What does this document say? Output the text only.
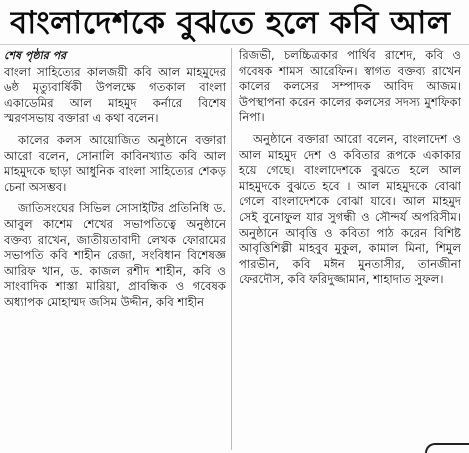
বাংলাদেশকে বুঝতে হলে কবি আল
শেষ পৃষ্ঠার পর

বাংলা সাহিত্যের কালজয়ী কবি আল মাহমুদের ৬ষ্ঠ মৃত্যুবার্ষিকী উপলক্ষে গতকাল বাংলা একাডেমির আল মাহমুদ কর্নারে বিশেষ স্মরণসভায় বক্তারা এ কথা বলেন।

কালের কলস আয়োজিত অনুষ্ঠানে বক্তারা আরো বলেন, সোনালি কাবিনখ্যাত কবি আল মাহমুদকে ছাড়া আধুনিক বাংলা সাহিত্যের শেকড় চেনা অসম্ভব।

জাতিসংঘের সিভিল সোসাইটির প্রতিনিধি ড. আবুল কাশেম শেখের সভাপতিত্বে অনুষ্ঠানে বক্তব্য রাখেন, জাতীয়তাবাদী লেখক ফোরামের সভাপতি কবি শাহীন রেজা, সংবিধান বিশেষজ্ঞ আরিফ খান, ড. কাজল রশীদ শাহীন, কবি ও সাংবাদিক শাস্তা মারিয়া, প্রাবন্ধিক ও গবেষক অধ্যাপক মোহাম্মদ জসিম উদ্দীন, কবি শাহীন

রিজভী, চলচ্চিত্রকার পার্থিব রাশেদ, কবি ও গবেষক শামস আরেফিন। স্বাগত বক্তব্য রাখেন কালের কলসের সম্পাদক আবিদ আজম। উপস্থাপনা করেন কালের কলসের সদস্য মুশফিকা নিপা।

অনুষ্ঠানে বক্তারা আরো বলেন, বাংলাদেশ ও আল মাহমুদ দেশ ও কবিতার রূপকে একাকার হয়ে গেছে। বাংলাদেশকে বুঝতে হলে আল মাহমুদকে বুঝতে হবে । আল মাহমুদকে বোঝা গেলে বাংলাদেশকে বোঝা যাবে। আল মাহমুদ সেই বুনোফুল যার সুগন্ধী ও সৌন্দর্য অপরিসীম। অনুষ্ঠানে আবৃত্তি ও কবিতা পাঠ করেন বিশিষ্ট আবৃত্তিশিল্পী মাহবুব মুকুল, কামাল মিনা, শিমুল পারভীন, কবি মঈন মুনতাসীর, তানজীনা ফেরদৌস, কবি ফরিদুজ্জামান, শাহাদাত সুফল।
